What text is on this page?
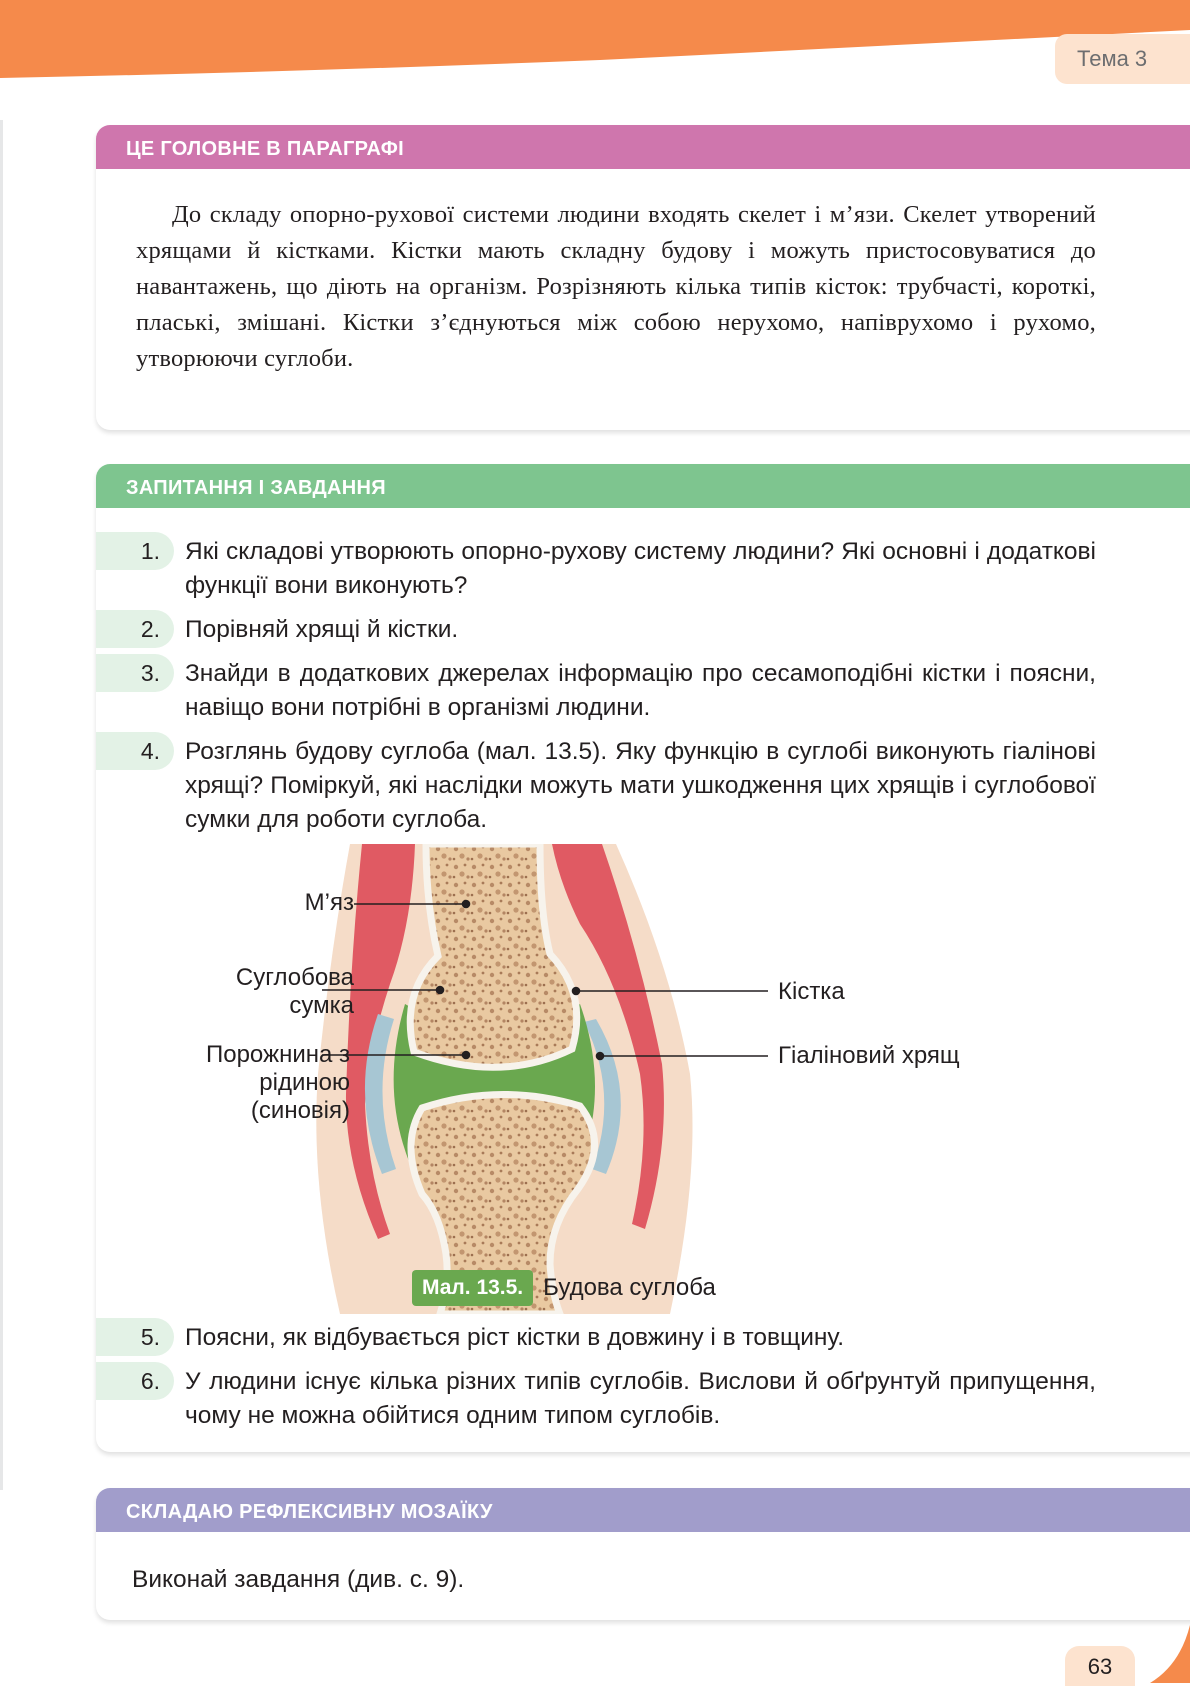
Тема 3
ЦЕ ГОЛОВНЕ В ПАРАГРАФІ

До складу опорно-рухової системи людини входять скелет і м’язи. Скелет утворений хрящами й кістками. Кістки мають складну будову і можуть пристосовуватися до навантажень, що діють на організм. Розрізняють кілька типів кісток: трубчасті, короткі, плаські, змішані. Кістки з’єднуються між собою нерухомо, напіврухомо і рухомо, утворюючи суглоби.

ЗАПИТАННЯ І ЗАВДАННЯ
1.	Які складові утворюють опорно-рухову систему людини? Які основні і додаткові функції вони виконують?

2.	Порівняй хрящі й кістки.

3.	Знайди в додаткових джерелах інформацію про сесамоподібні кістки і поясни, навіщо вони потрібні в організмі людини.

4.	Розглянь будову суглоба (мал. 13.5). Яку функцію в суглобі виконують гіалінові хрящі? Поміркуй, які наслідки можуть мати ушкодження цих хрящів і суглобової сумки для роботи суглоба.

М’яз
Суглобова сумка
Порожнина з рідиною (синовія)
Кістка
Гіаліновий хрящ
Мал. 13.5. Будова суглоба
5.	Поясни, як відбувається ріст кістки в довжину і в товщину.

6.	У людини існує кілька різних типів суглобів. Вислови й обґрунтуй припущення, чому не можна обійтися одним типом суглобів.

СКЛАДАЮ РЕФЛЕКСИВНУ МОЗАЇКУ

Виконай завдання (див. с. 9).

63
